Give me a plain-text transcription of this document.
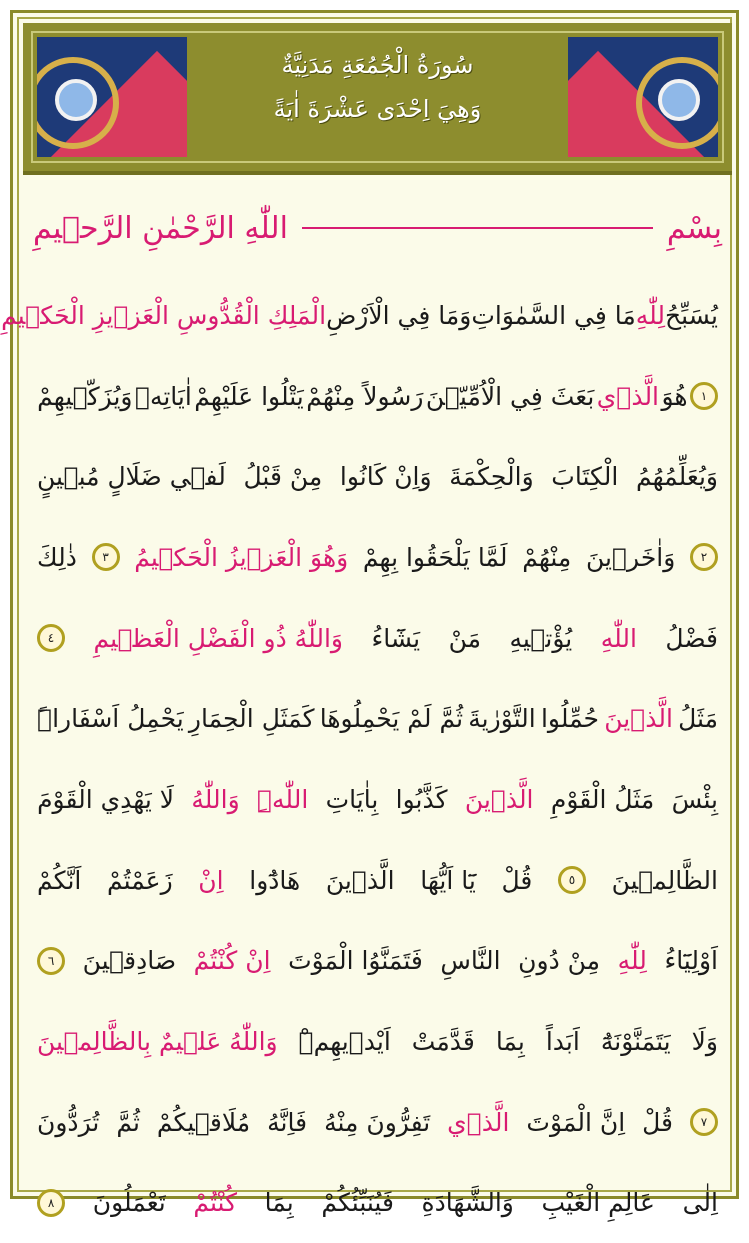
سُورَةُ الْجُمُعَةِ مَدَنِيَّةٌ
وَهِيَ اِحْدَى عَشْرَةَ اٰيَةً
بِسْمِ
اللّٰهِ الرَّحْمٰنِ الرَّح۪يمِ
يُسَبِّحُ
لِلّٰهِ
مَا فِي السَّمٰوَاتِ
وَمَا فِي الْاَرْضِ
الْمَلِكِ الْقُدُّوسِ الْعَز۪يزِ الْحَك۪يمِ
١
هُوَ
الَّذ۪ي
بَعَثَ فِي الْاُمِّيّ۪نَ
رَسُولاً مِنْهُمْ
يَتْلُوا عَلَيْهِمْ
اٰيَاتِه۪
وَيُزَكّ۪يهِمْ
وَيُعَلِّمُهُمُ
الْكِتَابَ
وَالْحِكْمَةَ
وَاِنْ كَانُوا
مِنْ قَبْلُ
لَف۪ي ضَلَالٍ مُب۪ينٍ
٢
وَاٰخَر۪ينَ
مِنْهُمْ
لَمَّا يَلْحَقُوا بِهِمْ
وَهُوَ الْعَز۪يزُ الْحَك۪يمُ
٣
ذٰلِكَ
فَضْلُ
اللّٰهِ
يُؤْت۪يهِ
مَنْ
يَشَٓاءُ
وَاللّٰهُ ذُو الْفَضْلِ الْعَظ۪يمِ
٤
مَثَلُ
الَّذ۪ينَ
حُمِّلُوا
التَّوْرٰيةَ
ثُمَّ لَمْ يَحْمِلُوهَا
كَمَثَلِ الْحِمَارِ
يَحْمِلُ اَسْفَاراًۜ
بِئْسَ
مَثَلُ الْقَوْمِ
الَّذ۪ينَ
كَذَّبُوا
بِاٰيَاتِ
اللّٰهِۜ
وَاللّٰهُ
لَا يَهْدِي الْقَوْمَ
الظَّالِم۪ينَ
٥
قُلْ
يَٓا اَيُّهَا
الَّذ۪ينَ
هَادُٓوا
اِنْ
زَعَمْتُمْ
اَنَّكُمْ
اَوْلِيَٓاءُ
لِلّٰهِ
مِنْ دُونِ
النَّاسِ
فَتَمَنَّوُا الْمَوْتَ
اِنْ كُنْتُمْ
صَادِق۪ينَ
٦
وَلَا
يَتَمَنَّوْنَهُٓ
اَبَداً
بِمَا
قَدَّمَتْ
اَيْد۪يهِمْۜ
وَاللّٰهُ عَل۪يمٌ بِالظَّالِم۪ينَ
٧
قُلْ
اِنَّ الْمَوْتَ
الَّذ۪ي
تَفِرُّونَ مِنْهُ
فَاِنَّهُ
مُلَاق۪يكُمْ
ثُمَّ
تُرَدُّونَ
اِلٰى
عَالِمِ الْغَيْبِ
وَالشَّهَادَةِ
فَيُنَبِّئُكُمْ
بِمَا
كُنْتُمْ
تَعْمَلُونَ
٨
